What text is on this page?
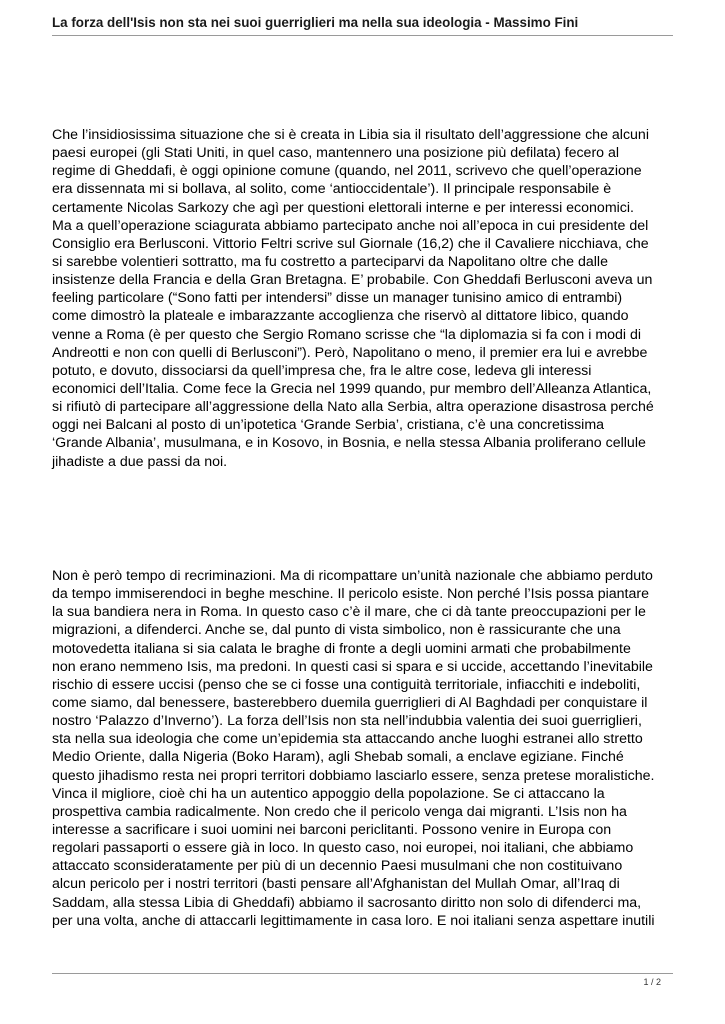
La forza dell'Isis non sta nei suoi guerriglieri ma nella sua ideologia - Massimo Fini
Che l’insidiosissima situazione che si è creata in Libia sia il risultato dell’aggressione che alcuni
paesi europei (gli Stati Uniti, in quel caso, mantennero una posizione più defilata) fecero al
regime di Gheddafi, è oggi opinione comune (quando, nel 2011, scrivevo che quell’operazione
era dissennata mi si bollava, al solito, come ‘antioccidentale’). Il principale responsabile è
certamente Nicolas Sarkozy che agì per questioni elettorali interne e per interessi economici.
Ma a quell’operazione sciagurata abbiamo partecipato anche noi all’epoca in cui presidente del
Consiglio era Berlusconi. Vittorio Feltri scrive sul Giornale (16,2) che il Cavaliere nicchiava, che
si sarebbe volentieri sottratto, ma fu costretto a parteciparvi da Napolitano oltre che dalle
insistenze della Francia e della Gran Bretagna. E’ probabile. Con Gheddafi Berlusconi aveva un
feeling particolare (“Sono fatti per intendersi” disse un manager tunisino amico di entrambi)
come dimostrò la plateale e imbarazzante accoglienza che riservò al dittatore libico, quando
venne a Roma (è per questo che Sergio Romano scrisse che “la diplomazia si fa con i modi di
Andreotti e non con quelli di Berlusconi”). Però, Napolitano o meno, il premier era lui e avrebbe
potuto, e dovuto, dissociarsi da quell’impresa che, fra le altre cose, ledeva gli interessi
economici dell’Italia. Come fece la Grecia nel 1999 quando, pur membro dell’Alleanza Atlantica,
si rifiutò di partecipare all’aggressione della Nato alla Serbia, altra operazione disastrosa perché
oggi nei Balcani al posto di un’ipotetica ‘Grande Serbia’, cristiana, c’è una concretissima
‘Grande Albania’, musulmana, e in Kosovo, in Bosnia, e nella stessa Albania proliferano cellule
jihadiste a due passi da noi.
Non è però tempo di recriminazioni. Ma di ricompattare un’unità nazionale che abbiamo perduto
da tempo immiserendoci in beghe meschine. Il pericolo esiste. Non perché l’Isis possa piantare
la sua bandiera nera in Roma. In questo caso c’è il mare, che ci dà tante preoccupazioni per le
migrazioni, a difenderci. Anche se, dal punto di vista simbolico, non è rassicurante che una
motovedetta italiana si sia calata le braghe di fronte a degli uomini armati che probabilmente
non erano nemmeno Isis, ma predoni. In questi casi si spara e si uccide, accettando l’inevitabile
rischio di essere uccisi (penso che se ci fosse una contiguità territoriale, infiacchiti e indeboliti,
come siamo, dal benessere, basterebbero duemila guerriglieri di Al Baghdadi per conquistare il
nostro ‘Palazzo d’Inverno’). La forza dell’Isis non sta nell’indubbia valentia dei suoi guerriglieri,
sta nella sua ideologia che come un’epidemia sta attaccando anche luoghi estranei allo stretto
Medio Oriente, dalla Nigeria (Boko Haram), agli Shebab somali, a enclave egiziane. Finché
questo jihadismo resta nei propri territori dobbiamo lasciarlo essere, senza pretese moralistiche.
Vinca il migliore, cioè chi ha un autentico appoggio della popolazione. Se ci attaccano la
prospettiva cambia radicalmente. Non credo che il pericolo venga dai migranti. L’Isis non ha
interesse a sacrificare i suoi uomini nei barconi periclitanti. Possono venire in Europa con
regolari passaporti o essere già in loco. In questo caso, noi europei, noi italiani, che abbiamo
attaccato sconsideratamente per più di un decennio Paesi musulmani che non costituivano
alcun pericolo per i nostri territori (basti pensare all’Afghanistan del Mullah Omar, all’Iraq di
Saddam, alla stessa Libia di Gheddafi) abbiamo il sacrosanto diritto non solo di difenderci ma,
per una volta, anche di attaccarli legittimamente in casa loro. E noi italiani senza aspettare inutili
1 / 2
